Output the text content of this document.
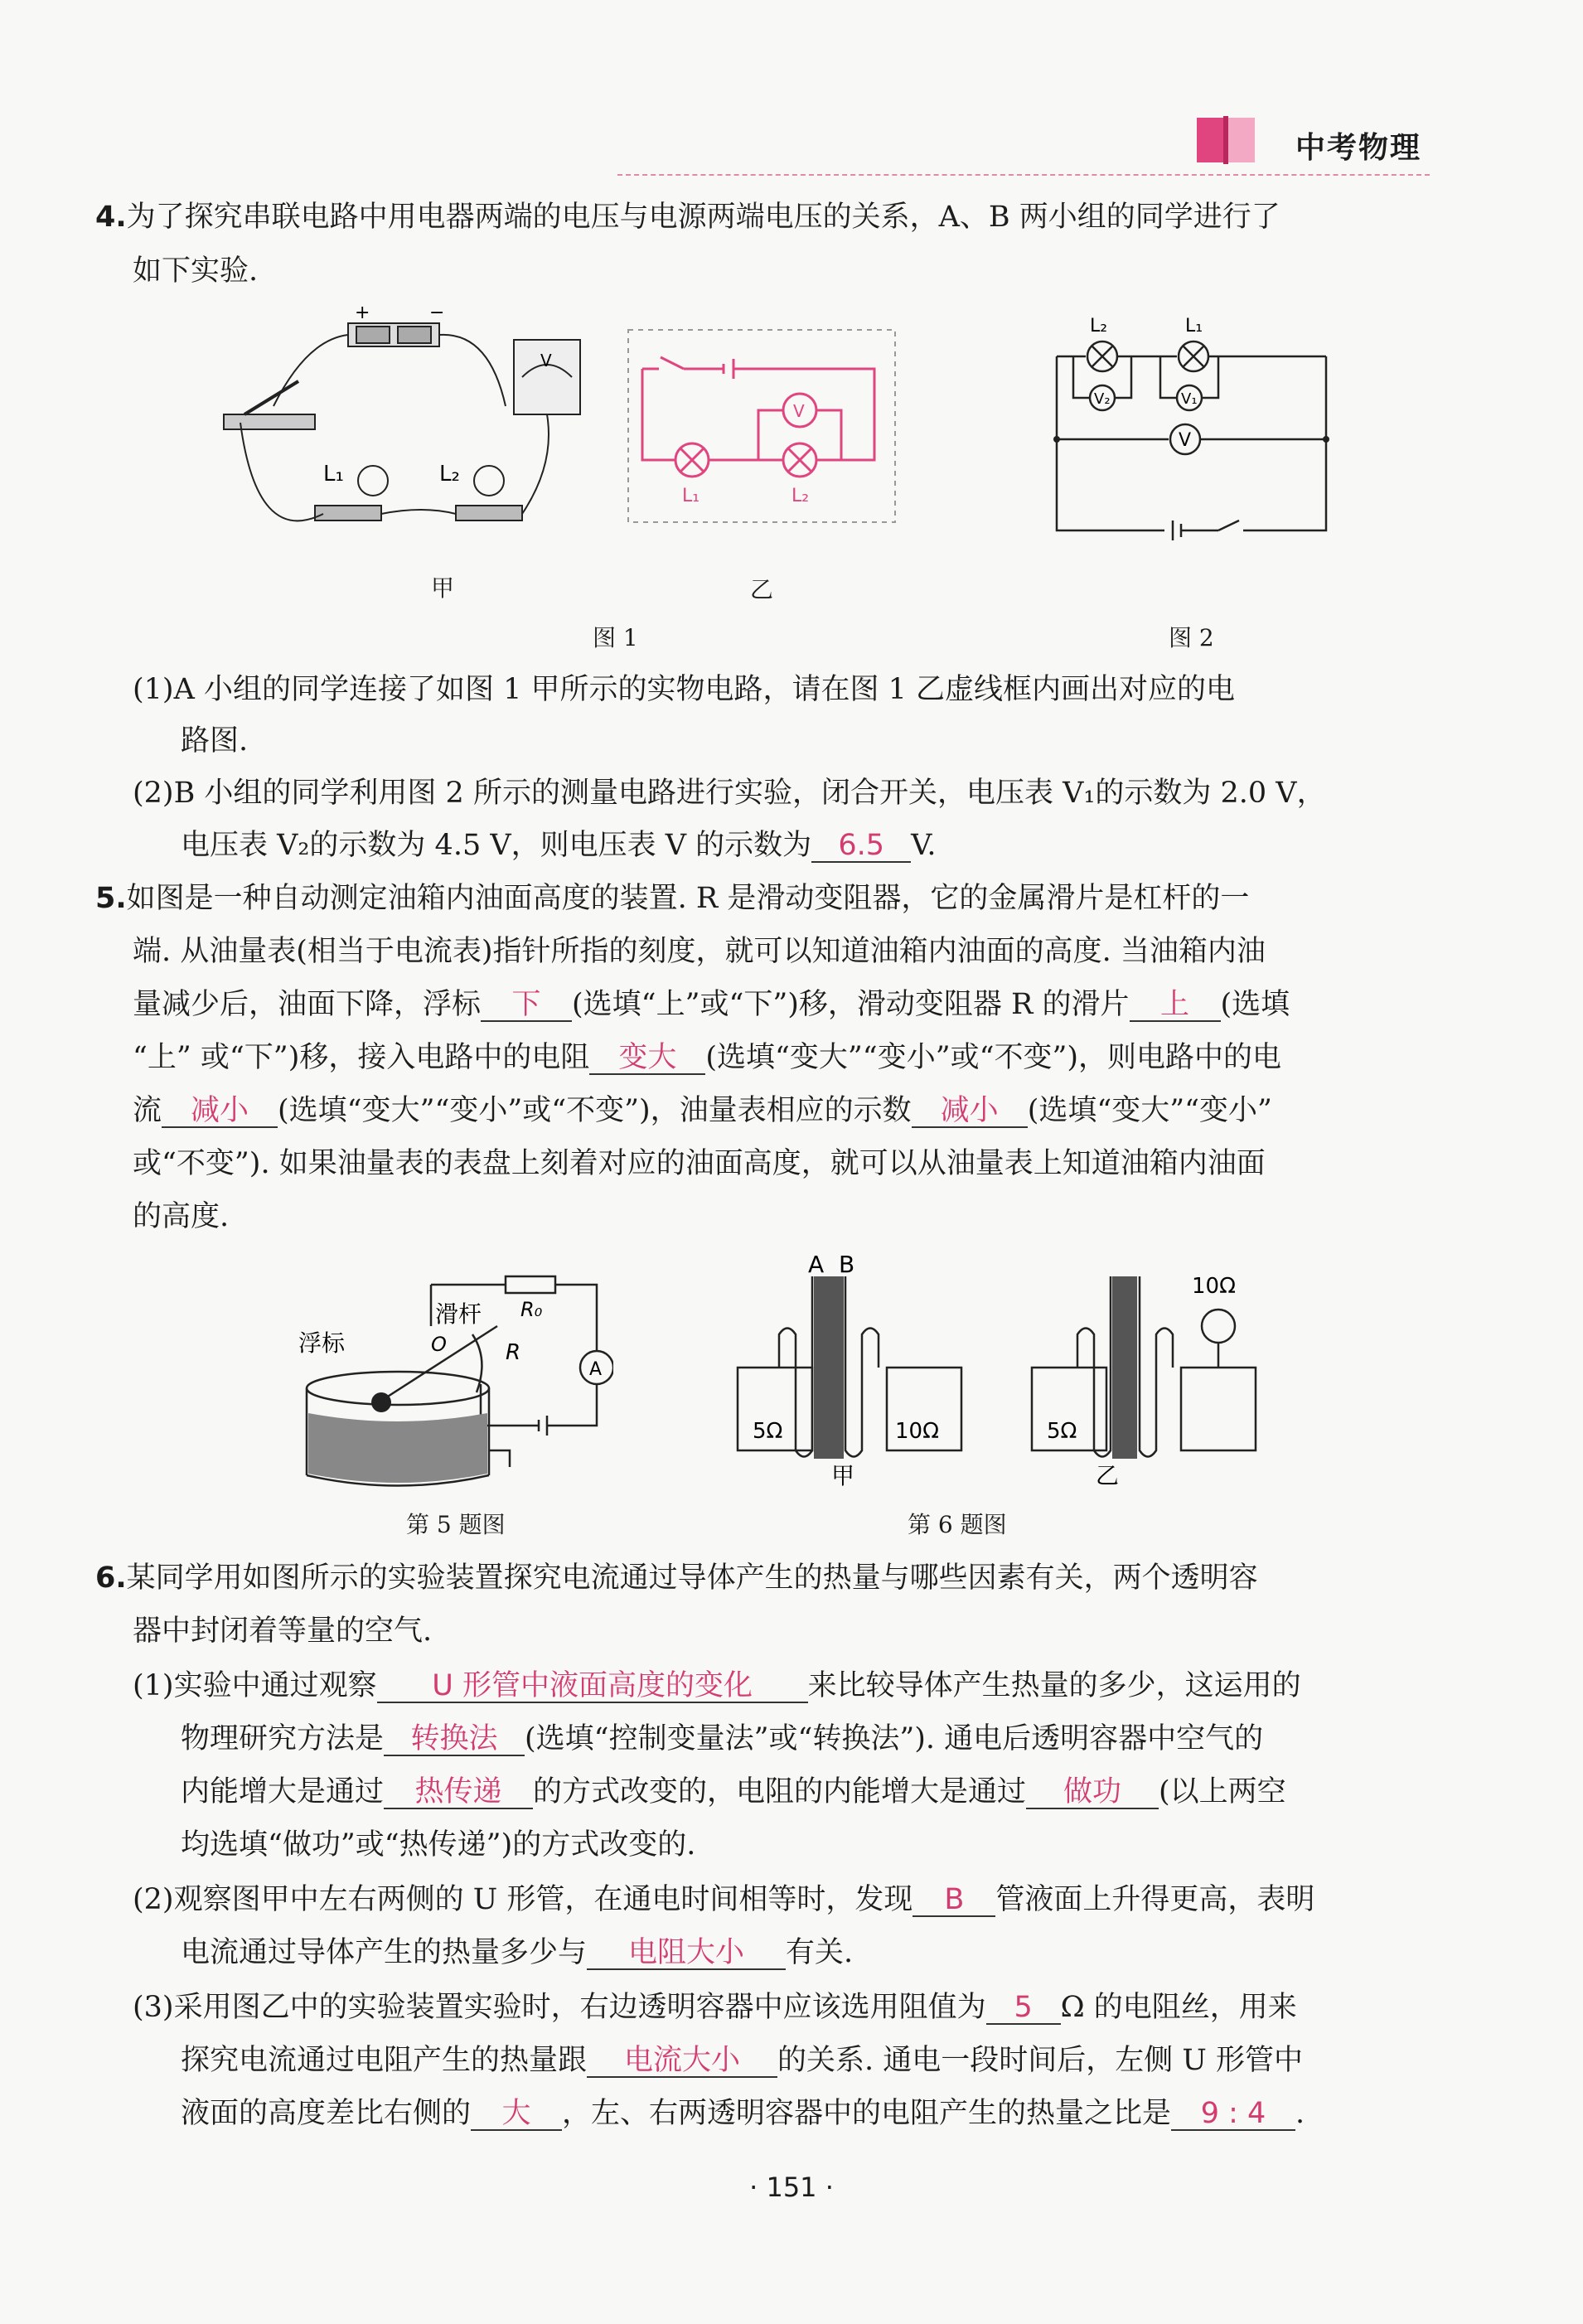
中考物理
4.为了探究串联电路中用电器两端的电压与电源两端电压的关系，A、B 两小组的同学进行了
如下实验.
+	−
V
L₁	L₂
V
L₁	L₂
L₂	L₁
V₂	V₁
V
甲	乙
图 1	图 2
(1)A 小组的同学连接了如图 1 甲所示的实物电路，请在图 1 乙虚线框内画出对应的电
路图.
(2)B 小组的同学利用图 2 所示的测量电路进行实验，闭合开关，电压表 V₁的示数为 2.0 V，
电压表 V₂的示数为 4.5 V，则电压表 V 的示数为 6.5 V.
5.如图是一种自动测定油箱内油面高度的装置. R 是滑动变阻器，它的金属滑片是杠杆的一
端. 从油量表(相当于电流表)指针所指的刻度，就可以知道油箱内油面的高度. 当油箱内油
量减少后，油面下降，浮标 下 (选填“上”或“下”)移，滑动变阻器 R 的滑片 上 (选填
“上” 或“下”)移，接入电路中的电阻 变大 (选填“变大”“变小”或“不变”)，则电路中的电
流 减小 (选填“变大”“变小”或“不变”)，油量表相应的示数 减小 (选填“变大”“变小”
或“不变”). 如果油量表的表盘上刻着对应的油面高度，就可以从油量表上知道油箱内油面
的高度.
浮标
滑杆
O	R
R₀
A
A B
5Ω	10Ω	5Ω
10Ω
甲	乙
第 5 题图	第 6 题图
6.某同学用如图所示的实验装置探究电流通过导体产生的热量与哪些因素有关，两个透明容
器中封闭着等量的空气.
(1)实验中通过观察 U 形管中液面高度的变化 来比较导体产生热量的多少，这运用的
物理研究方法是 转换法 (选填“控制变量法”或“转换法”). 通电后透明容器中空气的
内能增大是通过 热传递 的方式改变的，电阻的内能增大是通过 做功 (以上两空
均选填“做功”或“热传递”)的方式改变的.
(2)观察图甲中左右两侧的 U 形管，在通电时间相等时，发现 B 管液面上升得更高，表明
电流通过导体产生的热量多少与 电阻大小 有关.
(3)采用图乙中的实验装置实验时，右边透明容器中应该选用阻值为 5 Ω 的电阻丝，用来
探究电流通过电阻产生的热量跟 电流大小 的关系. 通电一段时间后，左侧 U 形管中
液面的高度差比右侧的 大 ，左、右两透明容器中的电阻产生的热量之比是 9 : 4 .
· 151 ·
